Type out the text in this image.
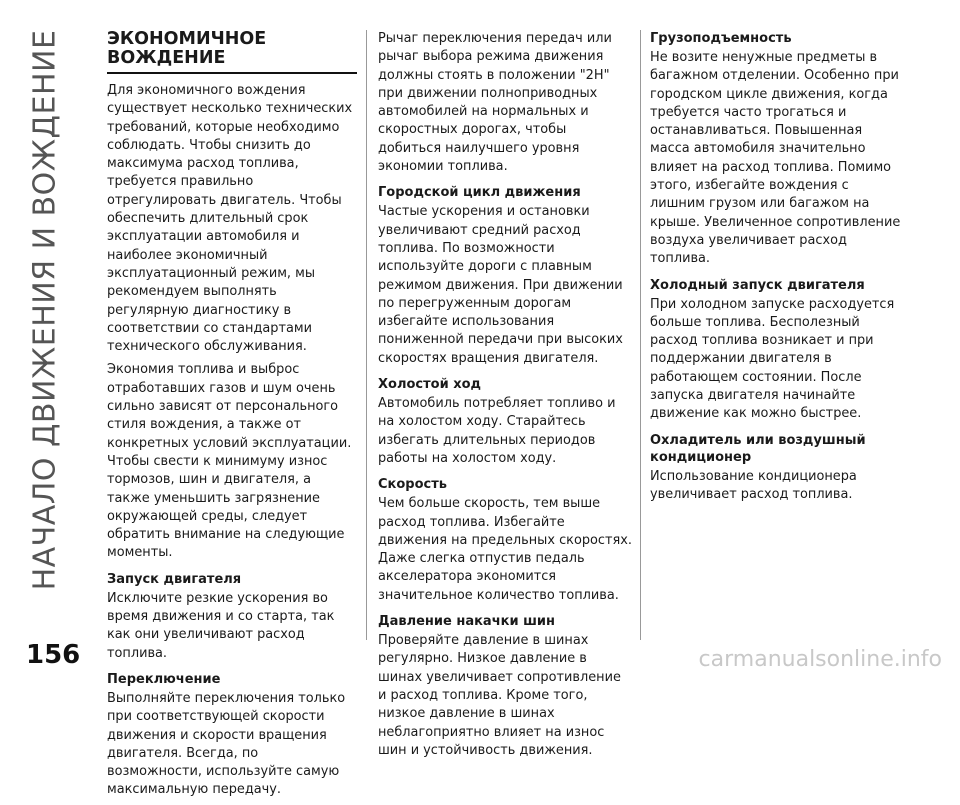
НАЧАЛО ДВИЖЕНИЯ И ВОЖДЕНИЕ	ЭКОНОМИЧНОЕ ВОЖДЕНИЕ

Для экономичного вождения существует несколько технических требований, которые необходимо соблюдать. Чтобы снизить до максимума расход топлива, требуется правильно отрегулировать двигатель. Чтобы обеспечить длительный срок эксплуатации автомобиля и наиболее экономичный эксплуатационный режим, мы рекомендуем выполнять регулярную диагностику в соответствии со стандартами технического обслуживания.

Экономия топлива и выброс отработавших газов и шум очень сильно зависят от персонального стиля вождения, а также от конкретных условий эксплуатации. Чтобы свести к минимуму износ тормозов, шин и двигателя, а также уменьшить загрязнение окружающей среды, следует обратить внимание на следующие моменты.

Запуск двигателя

Исключите резкие ускорения во время движения и со старта, так как они увеличивают расход топлива.

Переключение

Выполняйте переключения только при соответствующей скорости движения и скорости вращения двигателя. Всегда, по возможности, используйте самую максимальную передачу.

Рычаг переключения передач или рычаг выбора режима движения должны стоять в положении "2H" при движении полноприводных автомобилей на нормальных и скоростных дорогах, чтобы добиться наилучшего уровня экономии топлива.

Городской цикл движения

Частые ускорения и остановки увеличивают средний расход топлива. По возможности используйте дороги с плавным режимом движения. При движении по перегруженным дорогам избегайте использования пониженной передачи при высоких скоростях вращения двигателя.

Холостой ход

Автомобиль потребляет топливо и на холостом ходу. Старайтесь избегать длительных периодов работы на холостом ходу.

Скорость

Чем больше скорость, тем выше расход топлива. Избегайте движения на предельных скоростях. Даже слегка отпустив педаль акселератора экономится значительное количество топлива.

Давление накачки шин

Проверяйте давление в шинах регулярно. Низкое давление в шинах увеличивает сопротивление и расход топлива. Кроме того, низкое давление в шинах неблагоприятно влияет на износ шин и устойчивость движения.

Грузоподъемность

Не возите ненужные предметы в багажном отделении. Особенно при городском цикле движения, когда требуется часто трогаться и останавливаться. Повышенная масса автомобиля значительно влияет на расход топлива. Помимо этого, избегайте вождения с лишним грузом или багажом на крыше. Увеличенное сопротивление воздуха увеличивает расход топлива.

Холодный запуск двигателя

При холодном запуске расходуется больше топлива. Бесполезный расход топлива возникает и при поддержании двигателя в работающем состоянии. После запуска двигателя начинайте движение как можно быстрее.

Охладитель или воздушный кондиционер

Использование кондиционера увеличивает расход топлива.

156	carmanualsonline.info
